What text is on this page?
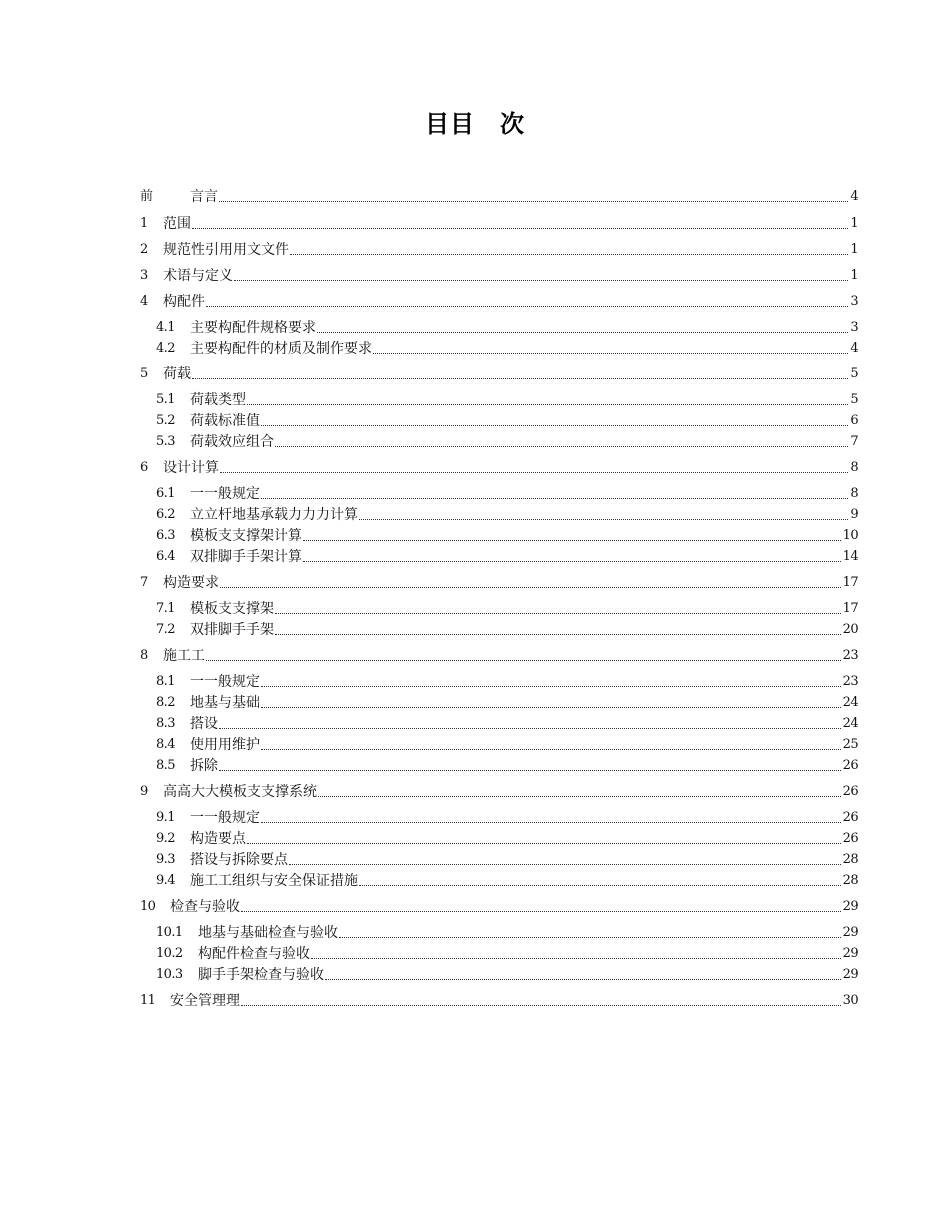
目目　次
前	言言	4
1	范围	1
2	规范性引用用文文件	1
3	术语与定义	1
4	构配件	3
4.1	主要构配件规格要求	3
4.2	主要构配件的材质及制作要求	4
5	荷载	5
5.1	荷载类型	5
5.2	荷载标准值	6
5.3	荷载效应组合	7
6	设计计算	8
6.1	一一般规定	8
6.2	立立杆地基承载力力力计算	9
6.3	模板支支撑架计算	10
6.4	双排脚手手架计算	14
7	构造要求	17
7.1	模板支支撑架	17
7.2	双排脚手手架	20
8	施工工	23
8.1	一一般规定	23
8.2	地基与基础	24
8.3	搭设	24
8.4	使用用维护	25
8.5	拆除	26
9	高高大大模板支支撑系统	26
9.1	一一般规定	26
9.2	构造要点	26
9.3	搭设与拆除要点	28
9.4	施工工组织与安全保证措施	28
10	检查与验收	29
10.1	地基与基础检查与验收	29
10.2	构配件检查与验收	29
10.3	脚手手架检查与验收	29
11	安全管理理	30
